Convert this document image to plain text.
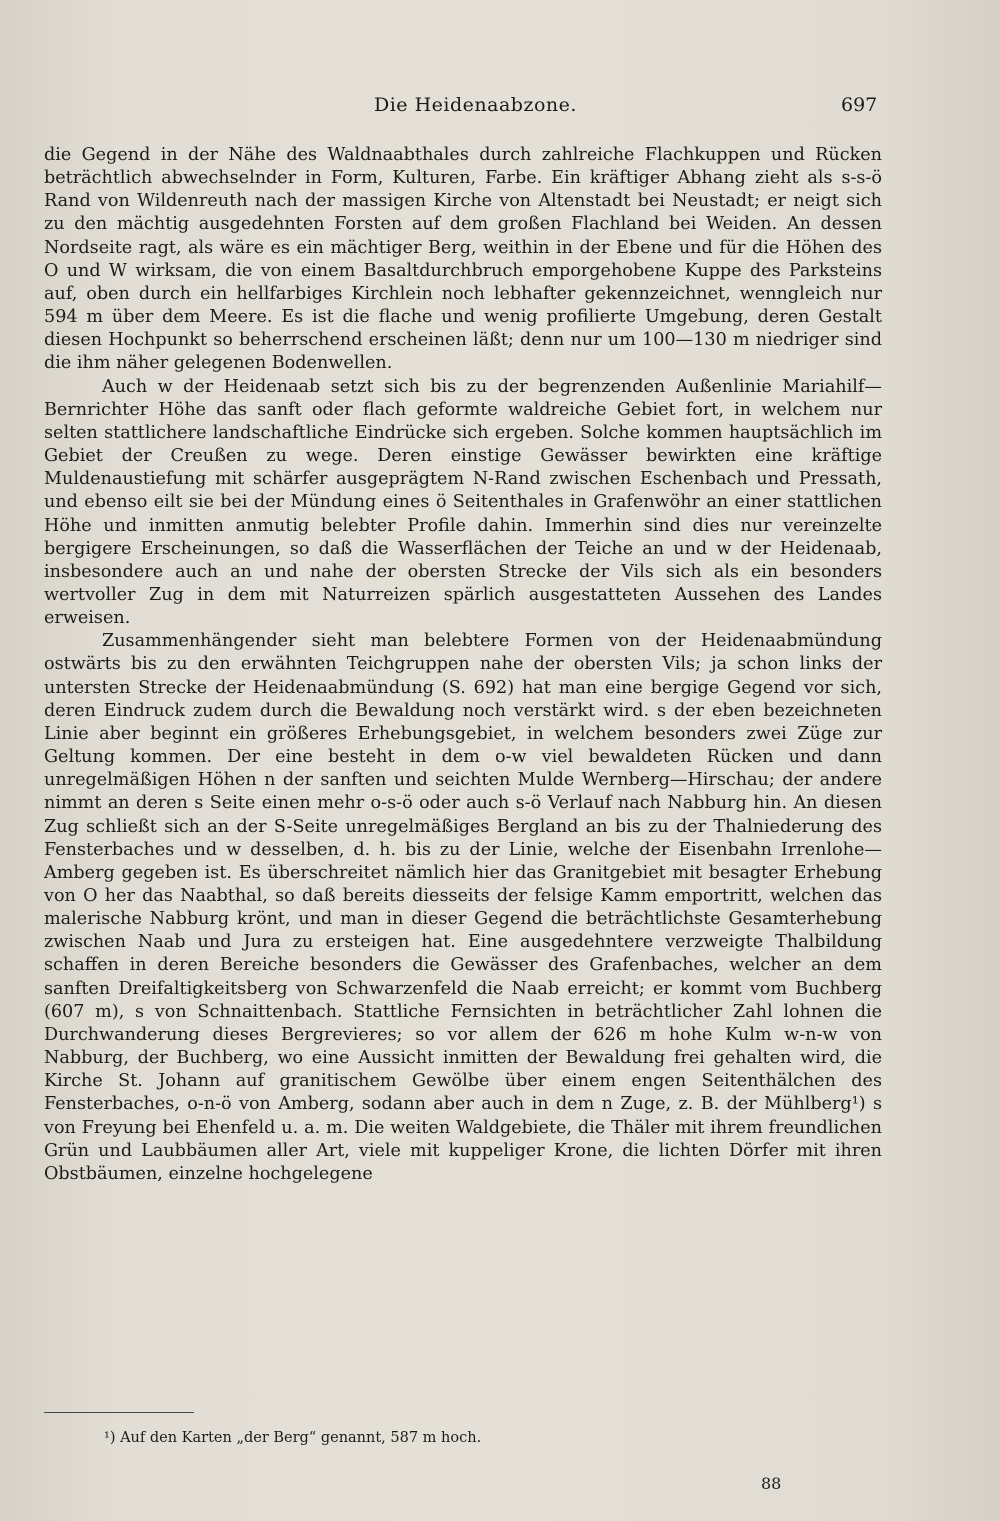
Die Heidenaabzone.	697

die Gegend in der Nähe des Waldnaabthales durch zahlreiche Flachkuppen und Rücken beträchtlich abwechselnder in Form, Kulturen, Farbe. Ein kräftiger Abhang zieht als s-s-ö Rand von Wildenreuth nach der massigen Kirche von Altenstadt bei Neustadt; er neigt sich zu den mächtig ausgedehnten Forsten auf dem großen Flachland bei Weiden. An dessen Nordseite ragt, als wäre es ein mächtiger Berg, weithin in der Ebene und für die Höhen des O und W wirksam, die von einem Basaltdurchbruch emporgehobene Kuppe des Parksteins auf, oben durch ein hellfarbiges Kirchlein noch lebhafter gekennzeichnet, wenngleich nur 594 m über dem Meere. Es ist die flache und wenig profilierte Umgebung, deren Gestalt diesen Hochpunkt so beherrschend erscheinen läßt; denn nur um 100—130 m niedriger sind die ihm näher gelegenen Bodenwellen.

Auch w der Heidenaab setzt sich bis zu der begrenzenden Außenlinie Mariahilf—Bernrichter Höhe das sanft oder flach geformte waldreiche Gebiet fort, in welchem nur selten stattlichere landschaftliche Eindrücke sich ergeben. Solche kommen hauptsächlich im Gebiet der Creußen zu wege. Deren einstige Gewässer bewirkten eine kräftige Muldenaustiefung mit schärfer ausgeprägtem N-Rand zwischen Eschenbach und Pressath, und ebenso eilt sie bei der Mündung eines ö Seitenthales in Grafenwöhr an einer stattlichen Höhe und inmitten anmutig belebter Profile dahin. Immerhin sind dies nur vereinzelte bergigere Erscheinungen, so daß die Wasserflächen der Teiche an und w der Heidenaab, insbesondere auch an und nahe der obersten Strecke der Vils sich als ein besonders wertvoller Zug in dem mit Naturreizen spärlich ausgestatteten Aussehen des Landes erweisen.

Zusammenhängender sieht man belebtere Formen von der Heidenaabmündung ostwärts bis zu den erwähnten Teichgruppen nahe der obersten Vils; ja schon links der untersten Strecke der Heidenaabmündung (S. 692) hat man eine bergige Gegend vor sich, deren Eindruck zudem durch die Bewaldung noch verstärkt wird. s der eben bezeichneten Linie aber beginnt ein größeres Erhebungsgebiet, in welchem besonders zwei Züge zur Geltung kommen. Der eine besteht in dem o-w viel bewaldeten Rücken und dann unregelmäßigen Höhen n der sanften und seichten Mulde Wernberg—Hirschau; der andere nimmt an deren s Seite einen mehr o-s-ö oder auch s-ö Verlauf nach Nabburg hin. An diesen Zug schließt sich an der S-Seite unregelmäßiges Bergland an bis zu der Thalniederung des Fensterbaches und w desselben, d. h. bis zu der Linie, welche der Eisenbahn Irrenlohe—Amberg gegeben ist. Es überschreitet nämlich hier das Granitgebiet mit besagter Erhebung von O her das Naabthal, so daß bereits diesseits der felsige Kamm emportritt, welchen das malerische Nabburg krönt, und man in dieser Gegend die beträchtlichste Gesamterhebung zwischen Naab und Jura zu ersteigen hat. Eine ausgedehntere verzweigte Thalbildung schaffen in deren Bereiche besonders die Gewässer des Grafenbaches, welcher an dem sanften Dreifaltigkeitsberg von Schwarzenfeld die Naab erreicht; er kommt vom Buchberg (607 m), s von Schnaittenbach. Stattliche Fernsichten in beträchtlicher Zahl lohnen die Durchwanderung dieses Bergrevieres; so vor allem der 626 m hohe Kulm w-n-w von Nabburg, der Buchberg, wo eine Aussicht inmitten der Bewaldung frei gehalten wird, die Kirche St. Johann auf granitischem Gewölbe über einem engen Seitenthälchen des Fensterbaches, o-n-ö von Amberg, sodann aber auch in dem n Zuge, z. B. der Mühlberg¹) s von Freyung bei Ehenfeld u. a. m. Die weiten Waldgebiete, die Thäler mit ihrem freundlichen Grün und Laubbäumen aller Art, viele mit kuppeliger Krone, die lichten Dörfer mit ihren Obstbäumen, einzelne hochgelegene

¹) Auf den Karten „der Berg“ genannt, 587 m hoch.
88
